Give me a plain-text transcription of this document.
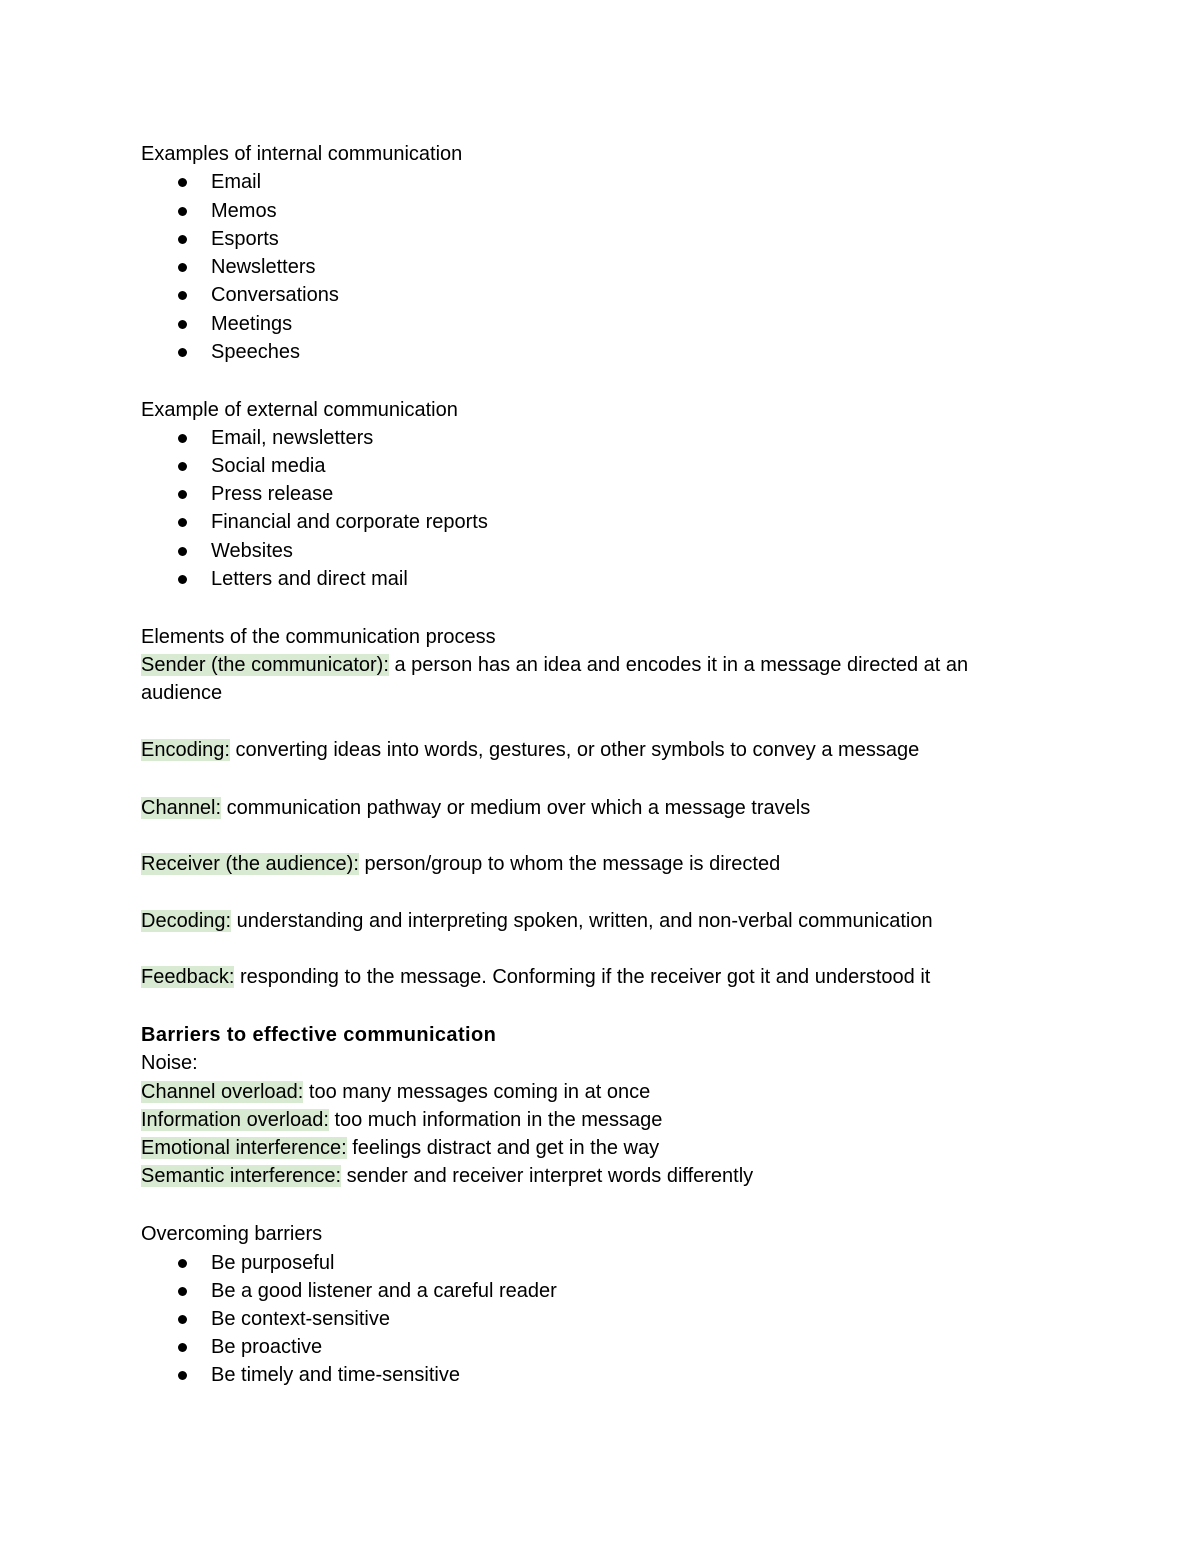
Examples of internal communication
Email
Memos
Esports
Newsletters
Conversations
Meetings
Speeches
Example of external communication
Email, newsletters
Social media
Press release
Financial and corporate reports
Websites
Letters and direct mail
Elements of the communication process
Sender (the communicator): a person has an idea and encodes it in a message directed at an
audience
Encoding: converting ideas into words, gestures, or other symbols to convey a message
Channel: communication pathway or medium over which a message travels
Receiver (the audience): person/group to whom the message is directed
Decoding: understanding and interpreting spoken, written, and non-verbal communication
Feedback: responding to the message. Conforming if the receiver got it and understood it
Barriers to effective communication
Noise:
Channel overload: too many messages coming in at once
Information overload: too much information in the message
Emotional interference: feelings distract and get in the way
Semantic interference: sender and receiver interpret words differently
Overcoming barriers
Be purposeful
Be a good listener and a careful reader
Be context-sensitive
Be proactive
Be timely and time-sensitive
